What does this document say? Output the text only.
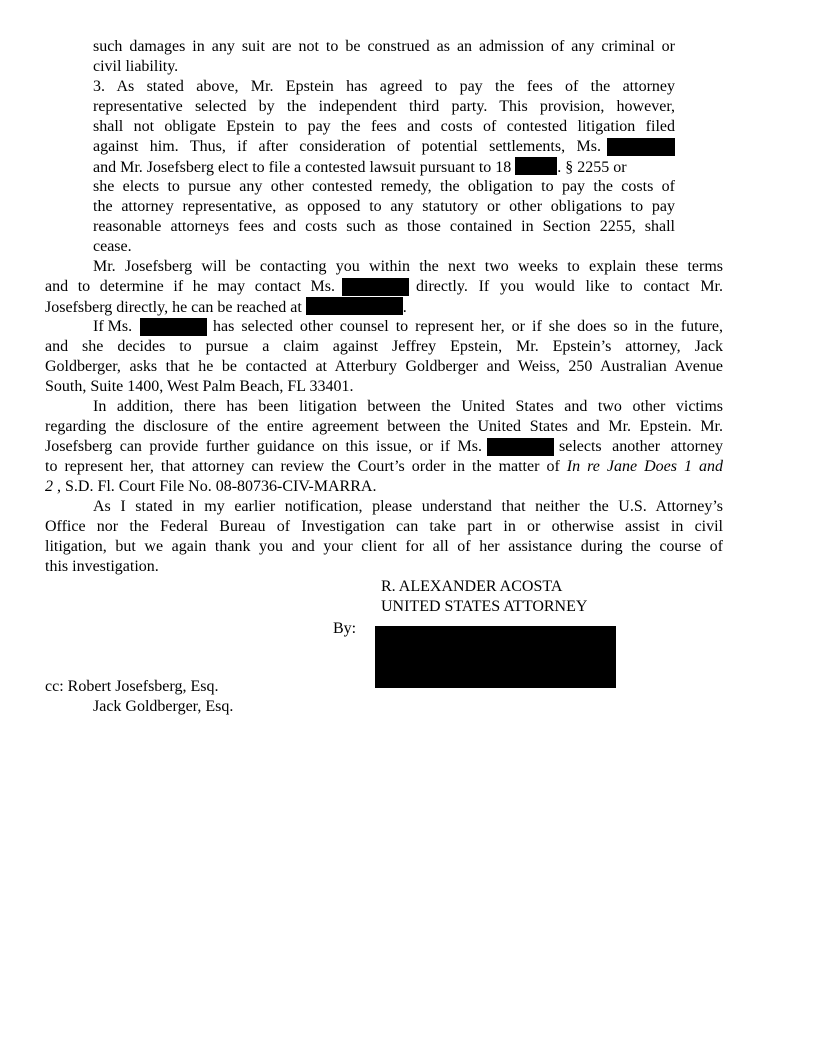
such damages in any suit are not to be construed as an admission of any criminal or
civil liability.
3. As stated above, Mr. Epstein has agreed to pay the fees of the attorney
representative selected by the independent third party. This provision, however,
shall not obligate Epstein to pay the fees and costs of contested litigation filed
against him. Thus, if after consideration of potential settlements, Ms.
and Mr. Josefsberg elect to file a contested lawsuit pursuant to 18	. § 2255 or
she elects to pursue any other contested remedy, the obligation to pay the costs of
the attorney representative, as opposed to any statutory or other obligations to pay
reasonable attorneys fees and costs such as those contained in Section 2255, shall
cease.
Mr. Josefsberg will be contacting you within the next two weeks to explain these terms
and to determine if he may contact Ms.	directly. If you would like to contact Mr.
Josefsberg directly, he can be reached at	.
If Ms.	has selected other counsel to represent her, or if she does so in the future,
and she decides to pursue a claim against Jeffrey Epstein, Mr. Epstein’s attorney, Jack
Goldberger, asks that he be contacted at Atterbury Goldberger and Weiss, 250 Australian Avenue
South, Suite 1400, West Palm Beach, FL 33401.
In addition, there has been litigation between the United States and two other victims
regarding the disclosure of the entire agreement between the United States and Mr. Epstein. Mr.
Josefsberg can provide further guidance on this issue, or if Ms.	selects another attorney
to represent her, that attorney can review the Court’s order in the matter of In re Jane Does 1 and
2 , S.D. Fl. Court File No. 08-80736-CIV-MARRA.
As I stated in my earlier notification, please understand that neither the U.S. Attorney’s
Office nor the Federal Bureau of Investigation can take part in or otherwise assist in civil
litigation, but we again thank you and your client for all of her assistance during the course of
this investigation.
R. ALEXANDER ACOSTA
UNITED STATES ATTORNEY
By:
cc: Robert Josefsberg, Esq.
Jack Goldberger, Esq.
